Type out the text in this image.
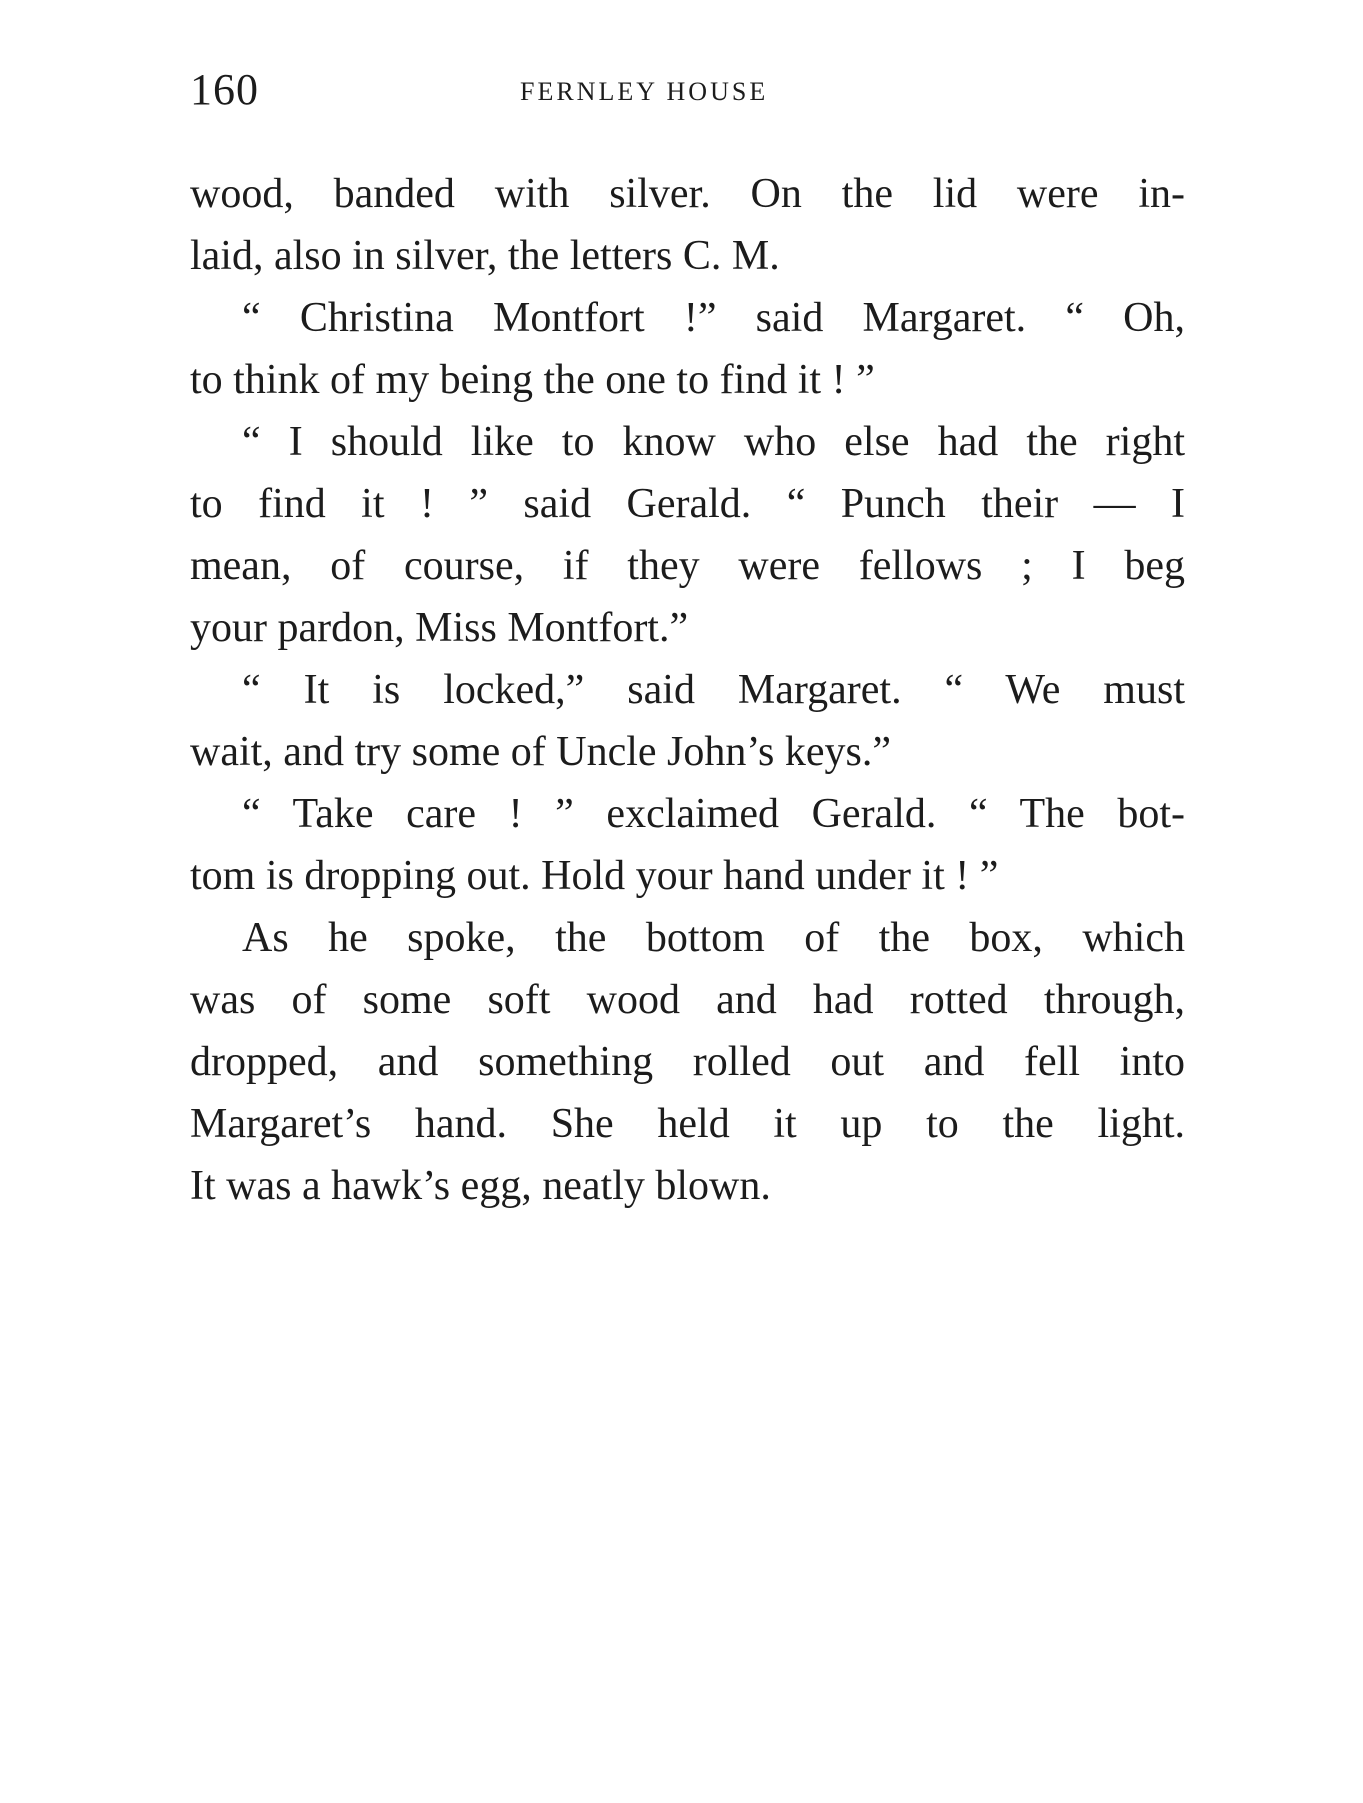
160	FERNLEY HOUSE
wood, banded with silver. On the lid were in-
laid, also in silver, the letters C. M.
“ Christina Montfort !” said Margaret. “ Oh,
to think of my being the one to find it ! ”
“ I should like to know who else had the right
to find it ! ” said Gerald. “ Punch their — I
mean, of course, if they were fellows ; I beg
your pardon, Miss Montfort.”
“ It is locked,” said Margaret. “ We must
wait, and try some of Uncle John’s keys.”
“ Take care ! ” exclaimed Gerald. “ The bot-
tom is dropping out. Hold your hand under it ! ”
As he spoke, the bottom of the box, which
was of some soft wood and had rotted through,
dropped, and something rolled out and fell into
Margaret’s hand. She held it up to the light.
It was a hawk’s egg, neatly blown.
